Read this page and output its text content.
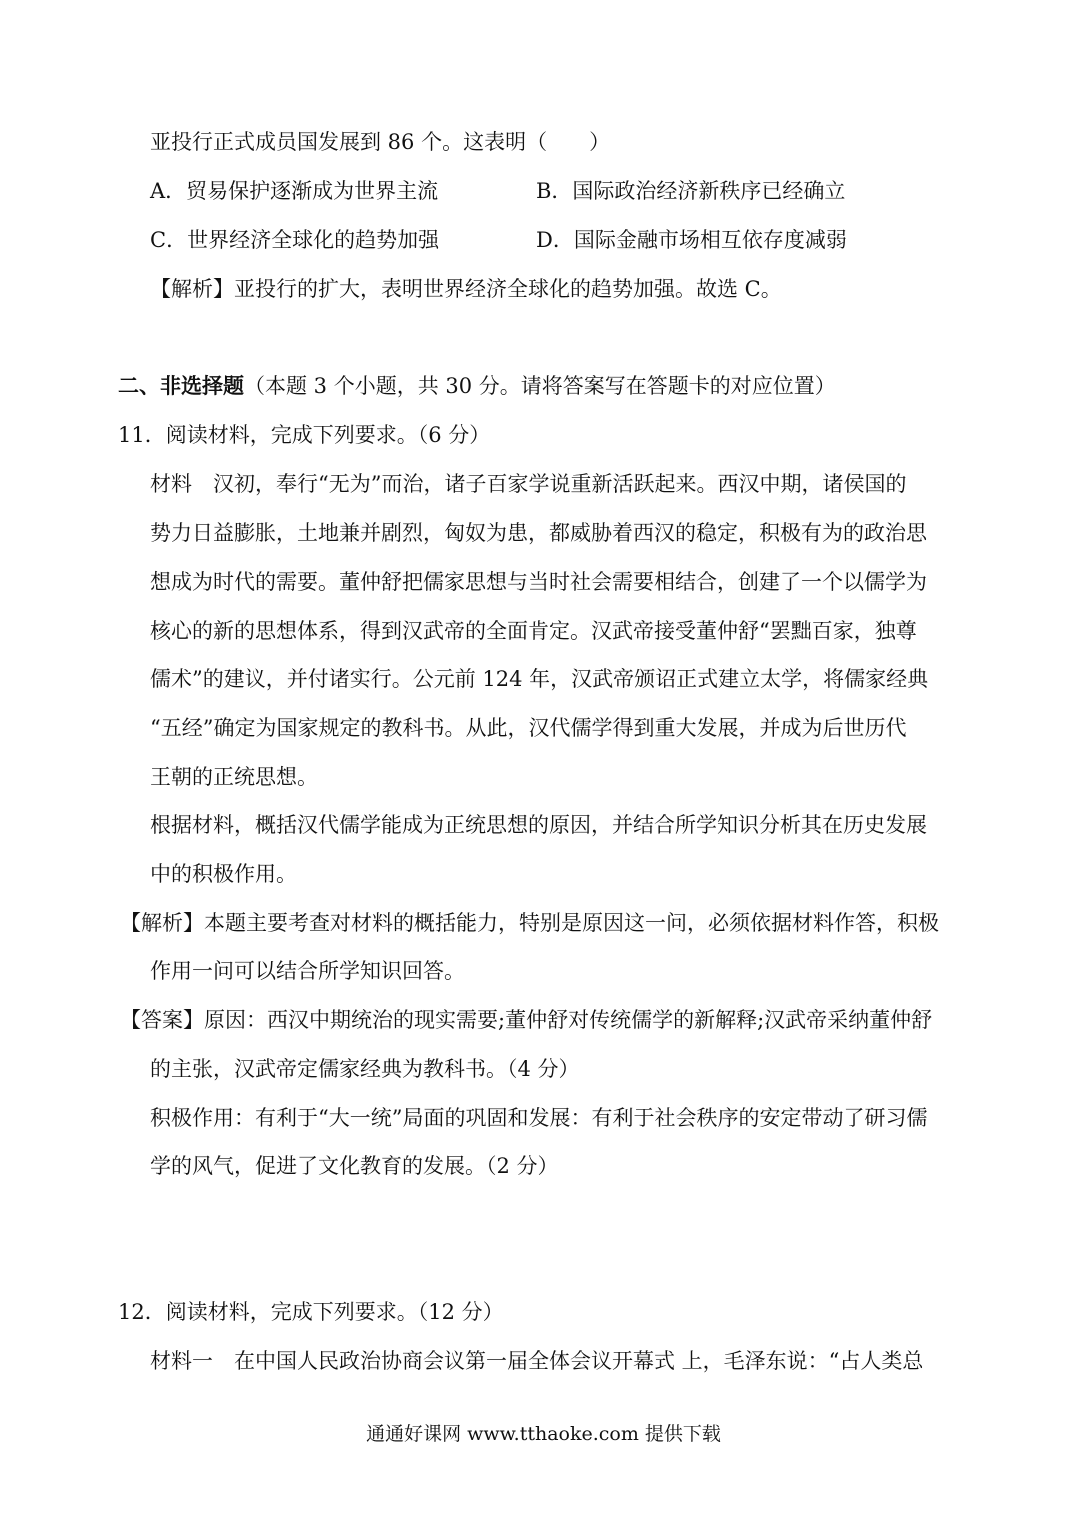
亚投行正式成员国发展到 86 个。这表明（　　）
A．贸易保护逐渐成为世界主流	B．国际政治经济新秩序已经确立
C．世界经济全球化的趋势加强	D．国际金融市场相互依存度减弱
【解析】亚投行的扩大，表明世界经济全球化的趋势加强。故选 C。
二、非选择题（本题 3 个小题，共 30 分。请将答案写在答题卡的对应位置）
11．阅读材料，完成下列要求。（6 分）
材料　汉初，奉行“无为”而治，诸子百家学说重新活跃起来。西汉中期，诸侯国的
势力日益膨胀，土地兼并剧烈，匈奴为患，都威胁着西汉的稳定，积极有为的政治思
想成为时代的需要。董仲舒把儒家思想与当时社会需要相结合，创建了一个以儒学为
核心的新的思想体系，得到汉武帝的全面肯定。汉武帝接受董仲舒“罢黜百家，独尊
儒术”的建议，并付诸实行。公元前 124 年，汉武帝颁诏正式建立太学，将儒家经典
“五经”确定为国家规定的教科书。从此，汉代儒学得到重大发展，并成为后世历代
王朝的正统思想。
根据材料，概括汉代儒学能成为正统思想的原因，并结合所学知识分析其在历史发展
中的积极作用。
【解析】本题主要考查对材料的概括能力，特别是原因这一问，必须依据材料作答，积极
作用一问可以结合所学知识回答。
【答案】原因：西汉中期统治的现实需要;董仲舒对传统儒学的新解释;汉武帝采纳董仲舒
的主张，汉武帝定儒家经典为教科书。（4 分）
积极作用：有利于“大一统”局面的巩固和发展：有利于社会秩序的安定带动了研习儒
学的风气，促进了文化教育的发展。（2 分）
12．阅读材料，完成下列要求。（12 分）
材料一　在中国人民政治协商会议第一届全体会议开幕式 上，毛泽东说：“占人类总
通通好课网 www.tthaoke.com 提供下载
